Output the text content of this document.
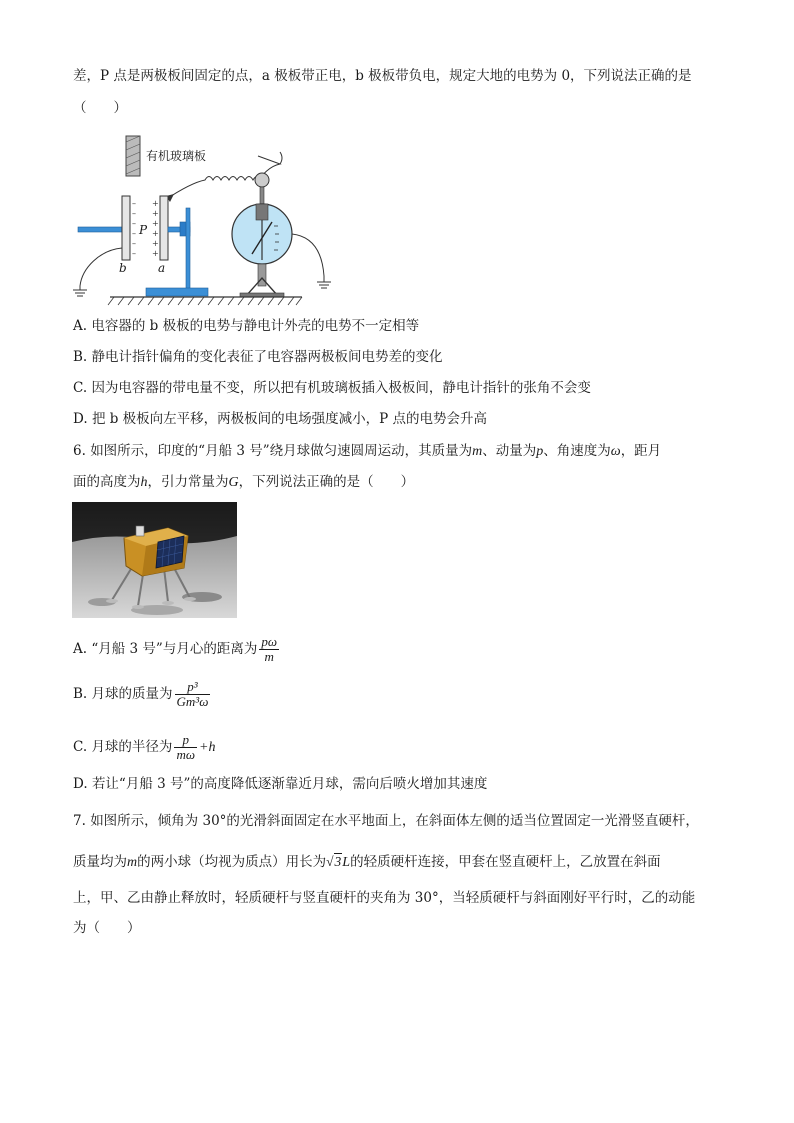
差，P 点是两极板间固定的点，a 极板带正电，b 极板带负电，规定大地的电势为 0，下列说法正确的是
（　　）
有机玻璃板
–
–
–
–
–
–
P
+
+
+
+
+
+
b	a
A. 电容器的 b 极板的电势与静电计外壳的电势不一定相等
B. 静电计指针偏角的变化表征了电容器两极板间电势差的变化
C. 因为电容器的带电量不变，所以把有机玻璃板插入极板间，静电计指针的张角不会变
D. 把 b 极板向左平移，两极板间的电场强度减小，P 点的电势会升高
6. 如图所示，印度的“月船 3 号”绕月球做匀速圆周运动，其质量为m、动量为p、角速度为ω，距月
面的高度为h，引力常量为G，下列说法正确的是（　　）
A. “月船 3 号”与月心的距离为 $\frac{p\omega}{m}$
B. 月球的质量为 $\frac{\text{p³}}{\text{Gm³ω}}$
C. 月球的半径为 $\frac{p}{m\omega} +h$
D. 若让“月船 3 号”的高度降低逐渐靠近月球，需向后喷火增加其速度
7. 如图所示，倾角为 30°的光滑斜面固定在水平地面上，在斜面体左侧的适当位置固定一光滑竖直硬杆，
质量均为m的两小球（均视为质点）用长为√3L的轻质硬杆连接，甲套在竖直硬杆上，乙放置在斜面
上，甲、乙由静止释放时，轻质硬杆与竖直硬杆的夹角为 30°，当轻质硬杆与斜面刚好平行时，乙的动能
为（　　）
